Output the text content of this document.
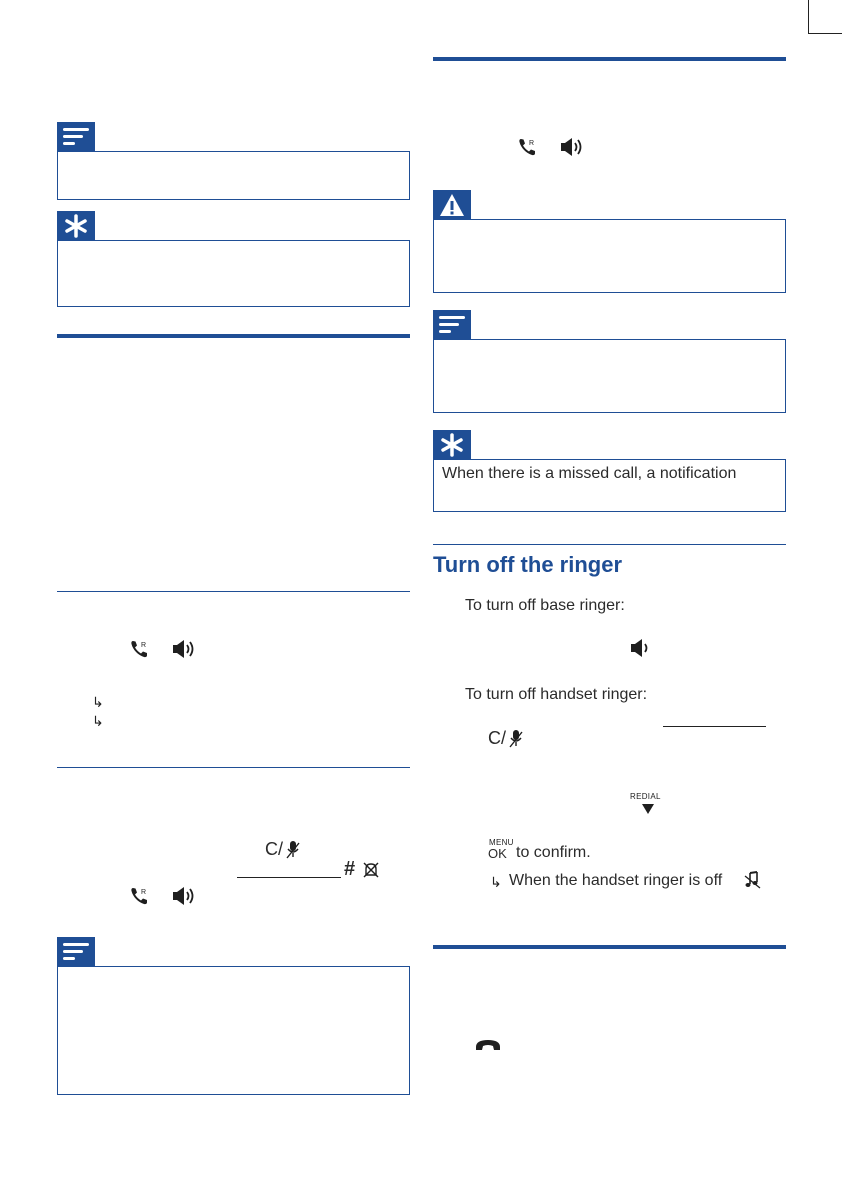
R
↳
↳
C /
#
R
R
When there is a missed call, a notification
Turn off the ringer
To turn off base ringer:
To turn off handset ringer:
C /
REDIAL
MENU
OK to confirm.
↳ When the handset ringer is off
